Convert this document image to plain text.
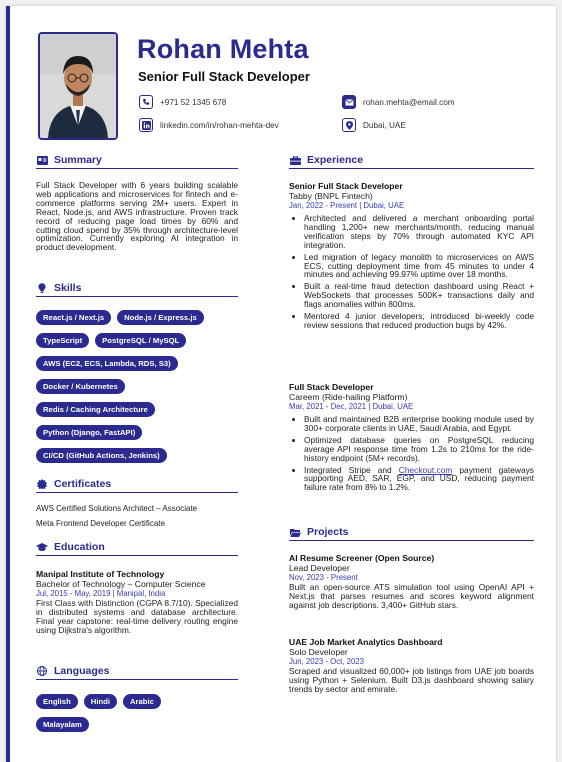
Rohan Mehta
Senior Full Stack Developer
+971 52 1345 678	rohan.mehta@email.com
linkedin.com/in/rohan-mehta-dev	Dubai, UAE
Summary
Full Stack Developer with 6 years building scalable web applications and microservices for fintech and e-commerce platforms serving 2M+ users. Expert in React, Node.js, and AWS infrastructure. Proven track record of reducing page load times by 60% and cutting cloud spend by 35% through architecture-level optimization. Currently exploring AI integration in product development.
Skills
React.js / Next.js	Node.js / Express.js
TypeScript	PostgreSQL / MySQL
AWS (EC2, ECS, Lambda, RDS, S3)
Docker / Kubernetes
Redis / Caching Architecture
Python (Django, FastAPI)
CI/CD (GitHub Actions, Jenkins)
Certificates
AWS Certified Solutions Architect – Associate
Meta Frontend Developer Certificate
Education
Manipal Institute of Technology
Bachelor of Technology – Computer Science
Jul, 2015 - May, 2019 | Manipal, India
First Class with Distinction (CGPA 8.7/10). Specialized in distributed systems and database architecture. Final year capstone: real-time delivery routing engine using Dijkstra's algorithm.
Languages
English	Hindi	Arabic
Malayalam
Experience
Senior Full Stack Developer
Tabby (BNPL Fintech)
Jan, 2022 - Present | Dubai, UAE
• Architected and delivered a merchant onboarding portal handling 1,200+ new merchants/month, reducing manual verification steps by 70% through automated KYC API integration.
• Led migration of legacy monolith to microservices on AWS ECS, cutting deployment time from 45 minutes to under 4 minutes and achieving 99.97% uptime over 18 months.
• Built a real-time fraud detection dashboard using React + WebSockets that processes 500K+ transactions daily and flags anomalies within 800ms.
• Mentored 4 junior developers; introduced bi-weekly code review sessions that reduced production bugs by 42%.
Full Stack Developer
Careem (Ride-hailing Platform)
Mar, 2021 - Dec, 2021 | Dubai, UAE
• Built and maintained B2B enterprise booking module used by 300+ corporate clients in UAE, Saudi Arabia, and Egypt.
• Optimized database queries on PostgreSQL reducing average API response time from 1.2s to 210ms for the ride-history endpoint (5M+ records).
• Integrated Stripe and Checkout.com payment gateways supporting AED, SAR, EGP, and USD, reducing payment failure rate from 8% to 1.2%.
Projects
AI Resume Screener (Open Source)
Lead Developer
Nov, 2023 - Present
Built an open-source ATS simulation tool using OpenAI API + Next.js that parses resumes and scores keyword alignment against job descriptions. 3,400+ GitHub stars.
UAE Job Market Analytics Dashboard
Solo Developer
Jun, 2023 - Oct, 2023
Scraped and visualized 60,000+ job listings from UAE job boards using Python + Selenium. Built D3.js dashboard showing salary trends by sector and emirate.
